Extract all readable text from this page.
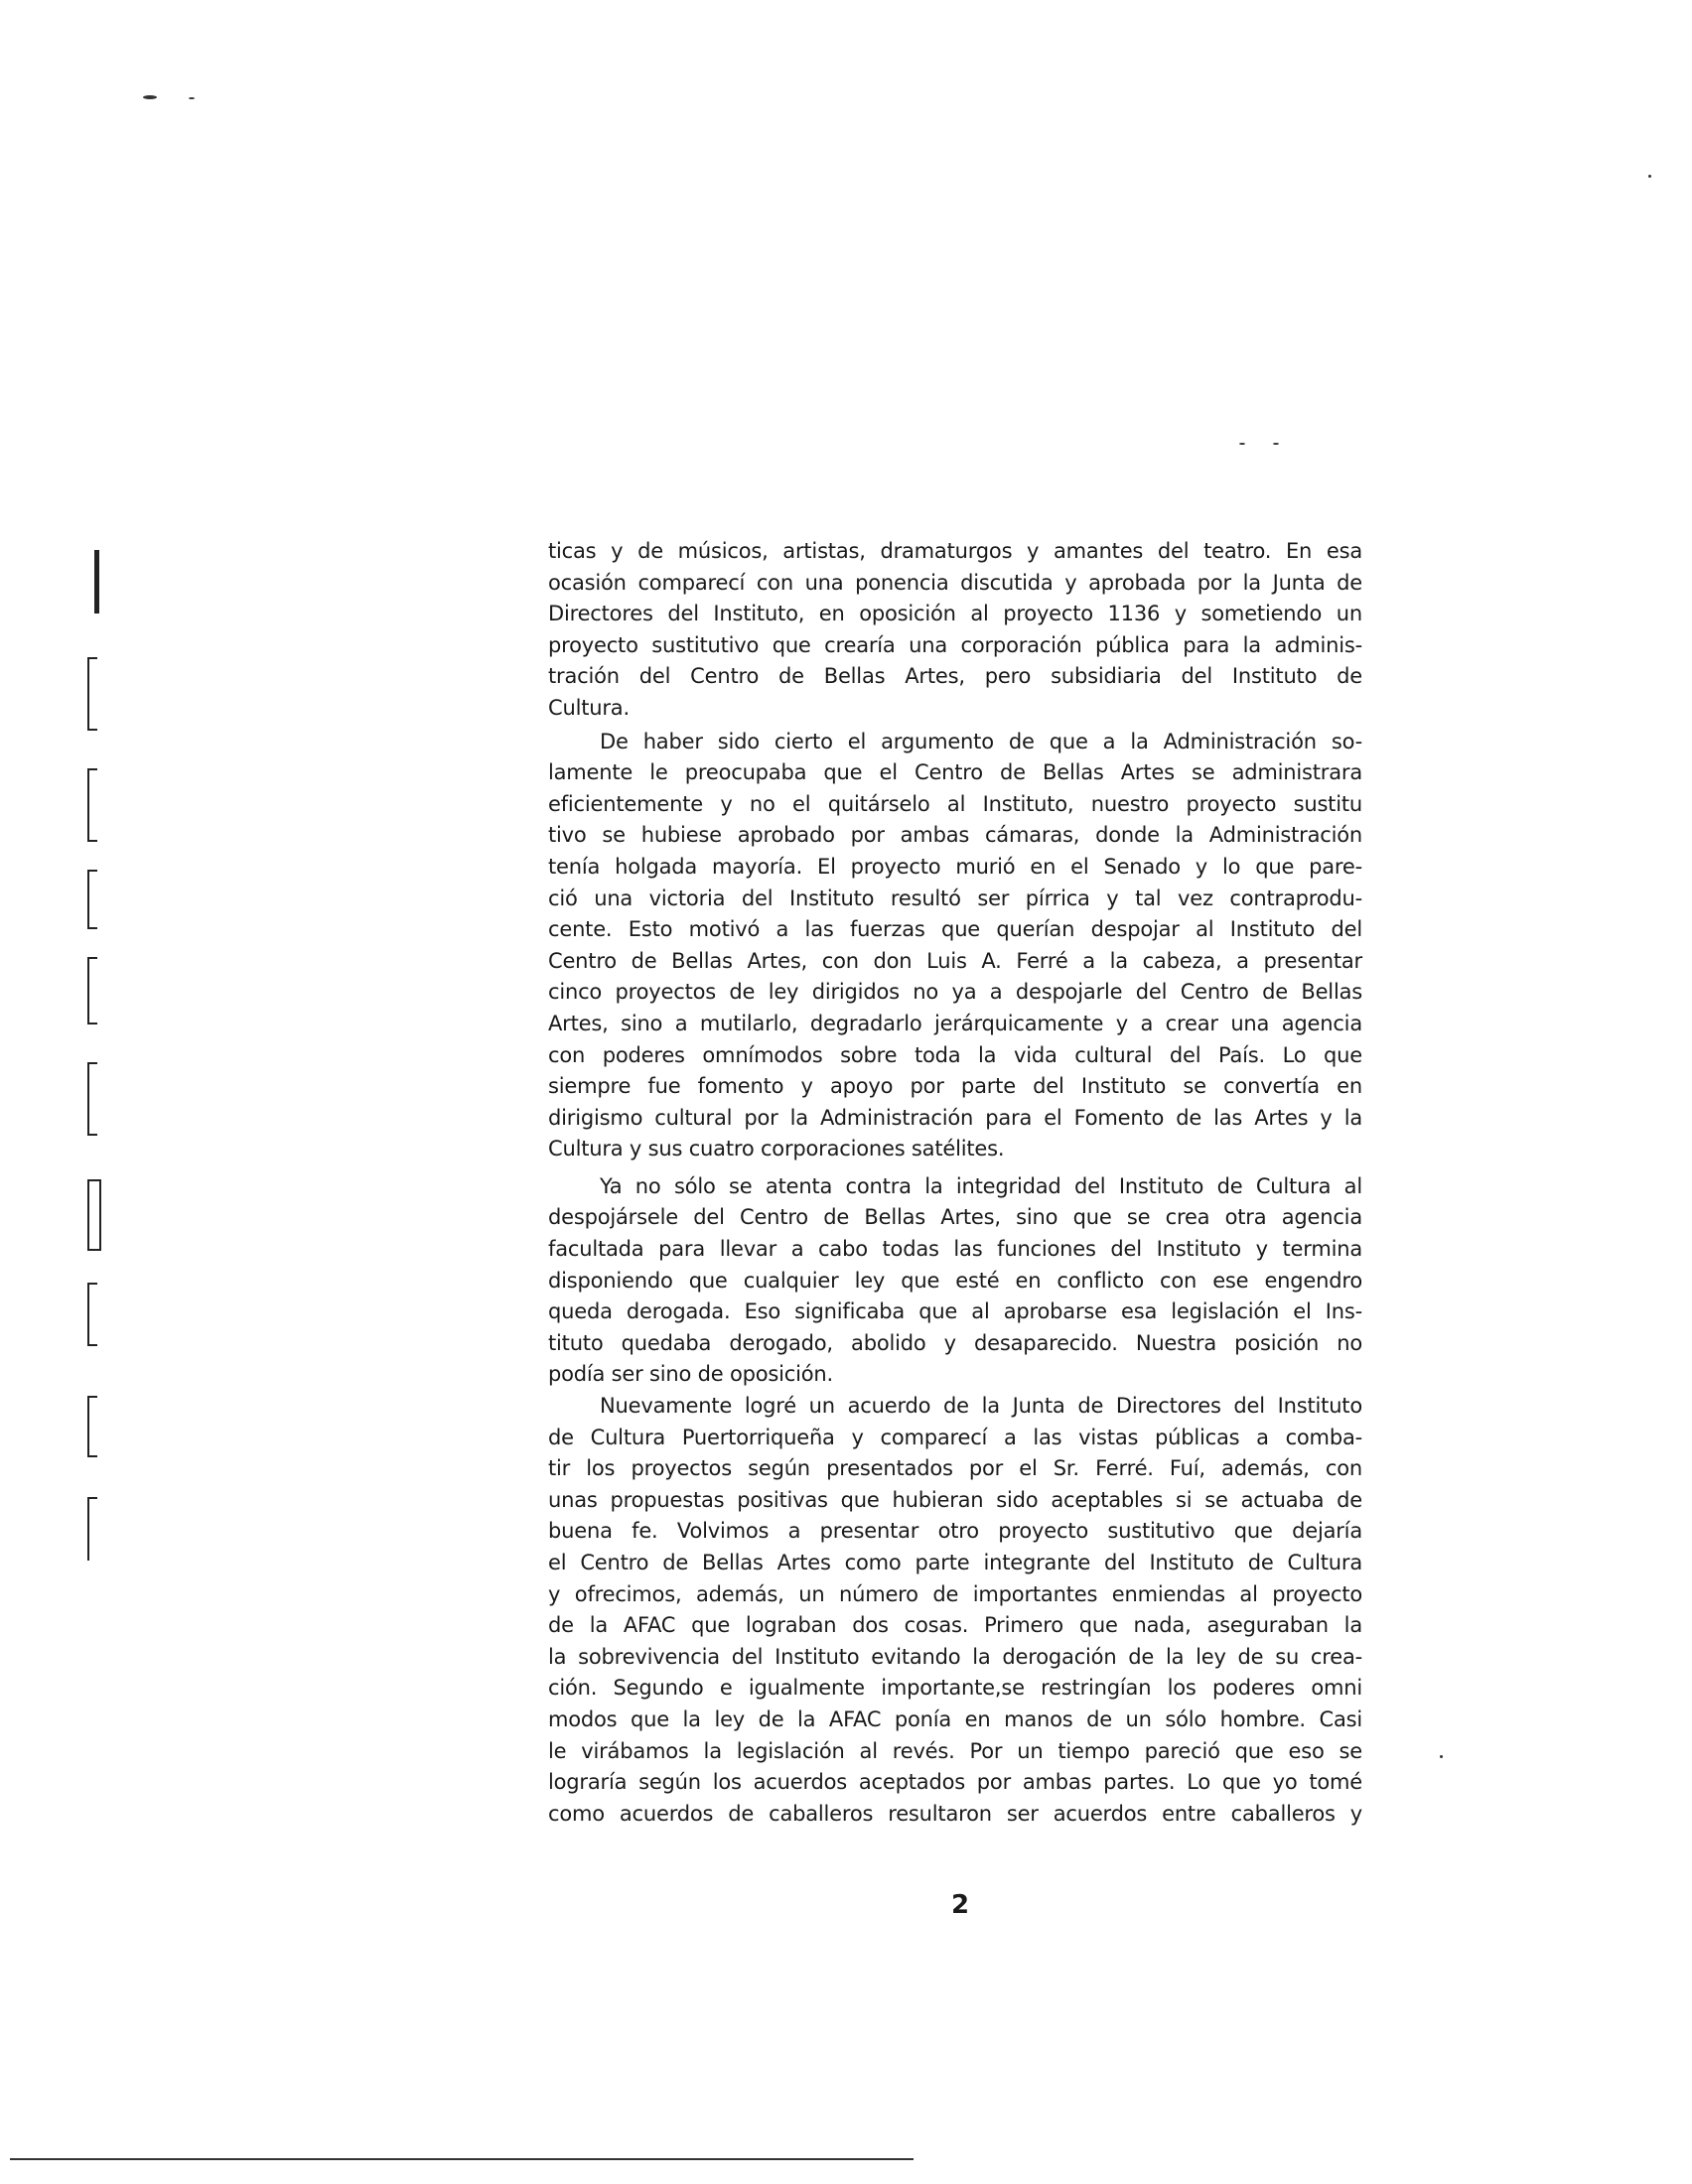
ticas y de músicos, artistas, dramaturgos y amantes del teatro. En esa
ocasión comparecí con una ponencia discutida y aprobada por la Junta de
Directores del Instituto, en oposición al proyecto 1136 y sometiendo un
proyecto sustitutivo que crearía una corporación pública para la adminis-
tración del Centro de Bellas Artes, pero subsidiaria del Instituto de
Cultura.

De haber sido cierto el argumento de que a la Administración so-
lamente le preocupaba que el Centro de Bellas Artes se administrara
eficientemente y no el quitárselo al Instituto, nuestro proyecto sustitu
tivo se hubiese aprobado por ambas cámaras, donde la Administración
tenía holgada mayoría. El proyecto murió en el Senado y lo que pare-
ció una victoria del Instituto resultó ser pírrica y tal vez contraprodu-
cente. Esto motivó a las fuerzas que querían despojar al Instituto del
Centro de Bellas Artes, con don Luis A. Ferré a la cabeza, a presentar
cinco proyectos de ley dirigidos no ya a despojarle del Centro de Bellas
Artes, sino a mutilarlo, degradarlo jerárquicamente y a crear una agencia
con poderes omnímodos sobre toda la vida cultural del País. Lo que
siempre fue fomento y apoyo por parte del Instituto se convertía en
dirigismo cultural por la Administración para el Fomento de las Artes y la
Cultura y sus cuatro corporaciones satélites.

Ya no sólo se atenta contra la integridad del Instituto de Cultura al
despojársele del Centro de Bellas Artes, sino que se crea otra agencia
facultada para llevar a cabo todas las funciones del Instituto y termina
disponiendo que cualquier ley que esté en conflicto con ese engendro
queda derogada. Eso significaba que al aprobarse esa legislación el Ins-
tituto quedaba derogado, abolido y desaparecido. Nuestra posición no
podía ser sino de oposición.

Nuevamente logré un acuerdo de la Junta de Directores del Instituto
de Cultura Puertorriqueña y comparecí a las vistas públicas a comba-
tir los proyectos según presentados por el Sr. Ferré. Fuí, además, con
unas propuestas positivas que hubieran sido aceptables si se actuaba de
buena fe. Volvimos a presentar otro proyecto sustitutivo que dejaría
el Centro de Bellas Artes como parte integrante del Instituto de Cultura
y ofrecimos, además, un número de importantes enmiendas al proyecto
de la AFAC que lograban dos cosas. Primero que nada, aseguraban la
la sobrevivencia del Instituto evitando la derogación de la ley de su crea-
ción. Segundo e igualmente importante,se restringían los poderes omni
modos que la ley de la AFAC ponía en manos de un sólo hombre. Casi
le virábamos la legislación al revés. Por un tiempo pareció que eso se
lograría según los acuerdos aceptados por ambas partes. Lo que yo tomé
como acuerdos de caballeros resultaron ser acuerdos entre caballeros y

2
